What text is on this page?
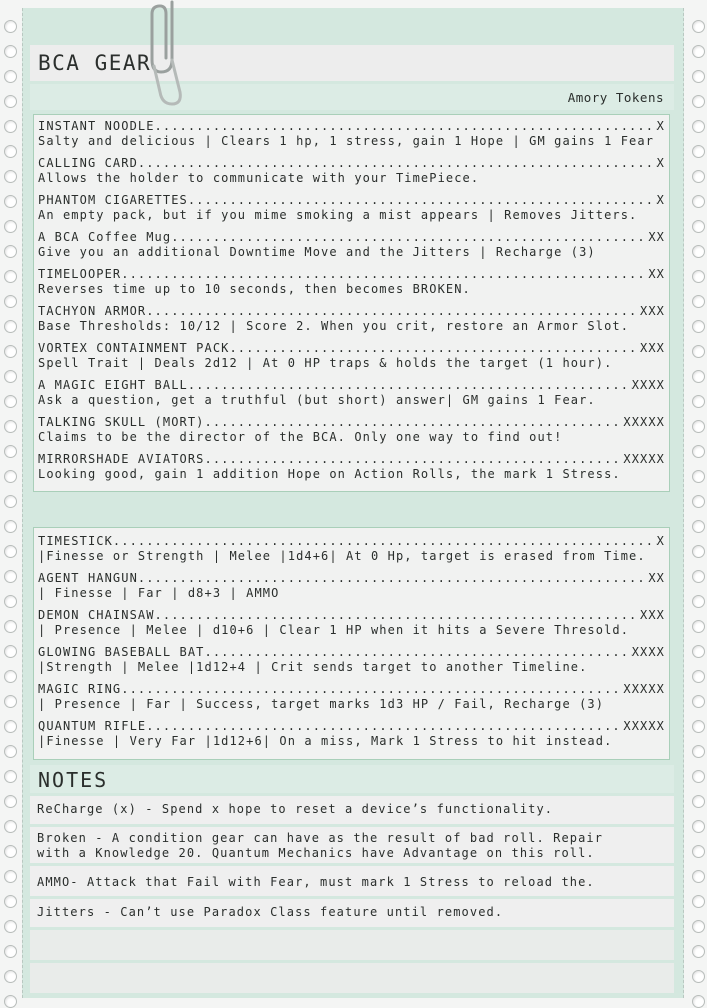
BCA GEAR
Amory Tokens
INSTANT NOODLE .....	X
Salty and delicious | Clears 1 hp, 1 stress, gain 1 Hope | GM gains 1 Fear
CALLING CARD .....	X
Allows the holder to communicate with your TimePiece.
PHANTOM CIGARETTES .....	X
An empty pack, but if you mime smoking a mist appears | Removes Jitters.
A BCA Coffee Mug .....	XX
Give you an additional Downtime Move and the Jitters | Recharge (3)
TIMELOOPER .....	XX
Reverses time up to 10 seconds, then becomes BROKEN.
TACHYON ARMOR .....	XXX
Base Thresholds: 10/12 | Score 2. When you crit, restore an Armor Slot.
VORTEX CONTAINMENT PACK .....	XXX
Spell Trait | Deals 2d12 | At 0 HP traps & holds the target (1 hour).
A MAGIC EIGHT BALL .....	XXXX
Ask a question, get a truthful (but short) answer| GM gains 1 Fear.
TALKING SKULL (MORT) .....	XXXXX
Claims to be the director of the BCA. Only one way to find out!
MIRRORSHADE AVIATORS .....	XXXXX
Looking good, gain 1 addition Hope on Action Rolls, the mark 1 Stress.
TIMESTICK .....	X
|Finesse or Strength | Melee |1d4+6| At 0 Hp, target is erased from Time.
AGENT HANGUN .....	XX
| Finesse | Far | d8+3 | AMMO
DEMON CHAINSAW .....	XXX
| Presence | Melee | d10+6 | Clear 1 HP when it hits a Severe Thresold.
GLOWING BASEBALL BAT .....	XXXX
|Strength | Melee |1d12+4 | Crit sends target to another Timeline.
MAGIC RING .....	XXXXX
| Presence | Far | Success, target marks 1d3 HP / Fail, Recharge (3)
QUANTUM RIFLE .....	XXXXX
|Finesse | Very Far |1d12+6| On a miss, Mark 1 Stress to hit instead.
NOTES
ReCharge (x) - Spend x hope to reset a device’s functionality.
Broken - A condition gear can have as the result of bad roll. Repair
with a Knowledge 20. Quantum Mechanics have Advantage on this roll.
AMMO- Attack that Fail with Fear, must mark 1 Stress to reload the.
Jitters - Can’t use Paradox Class feature until removed.
